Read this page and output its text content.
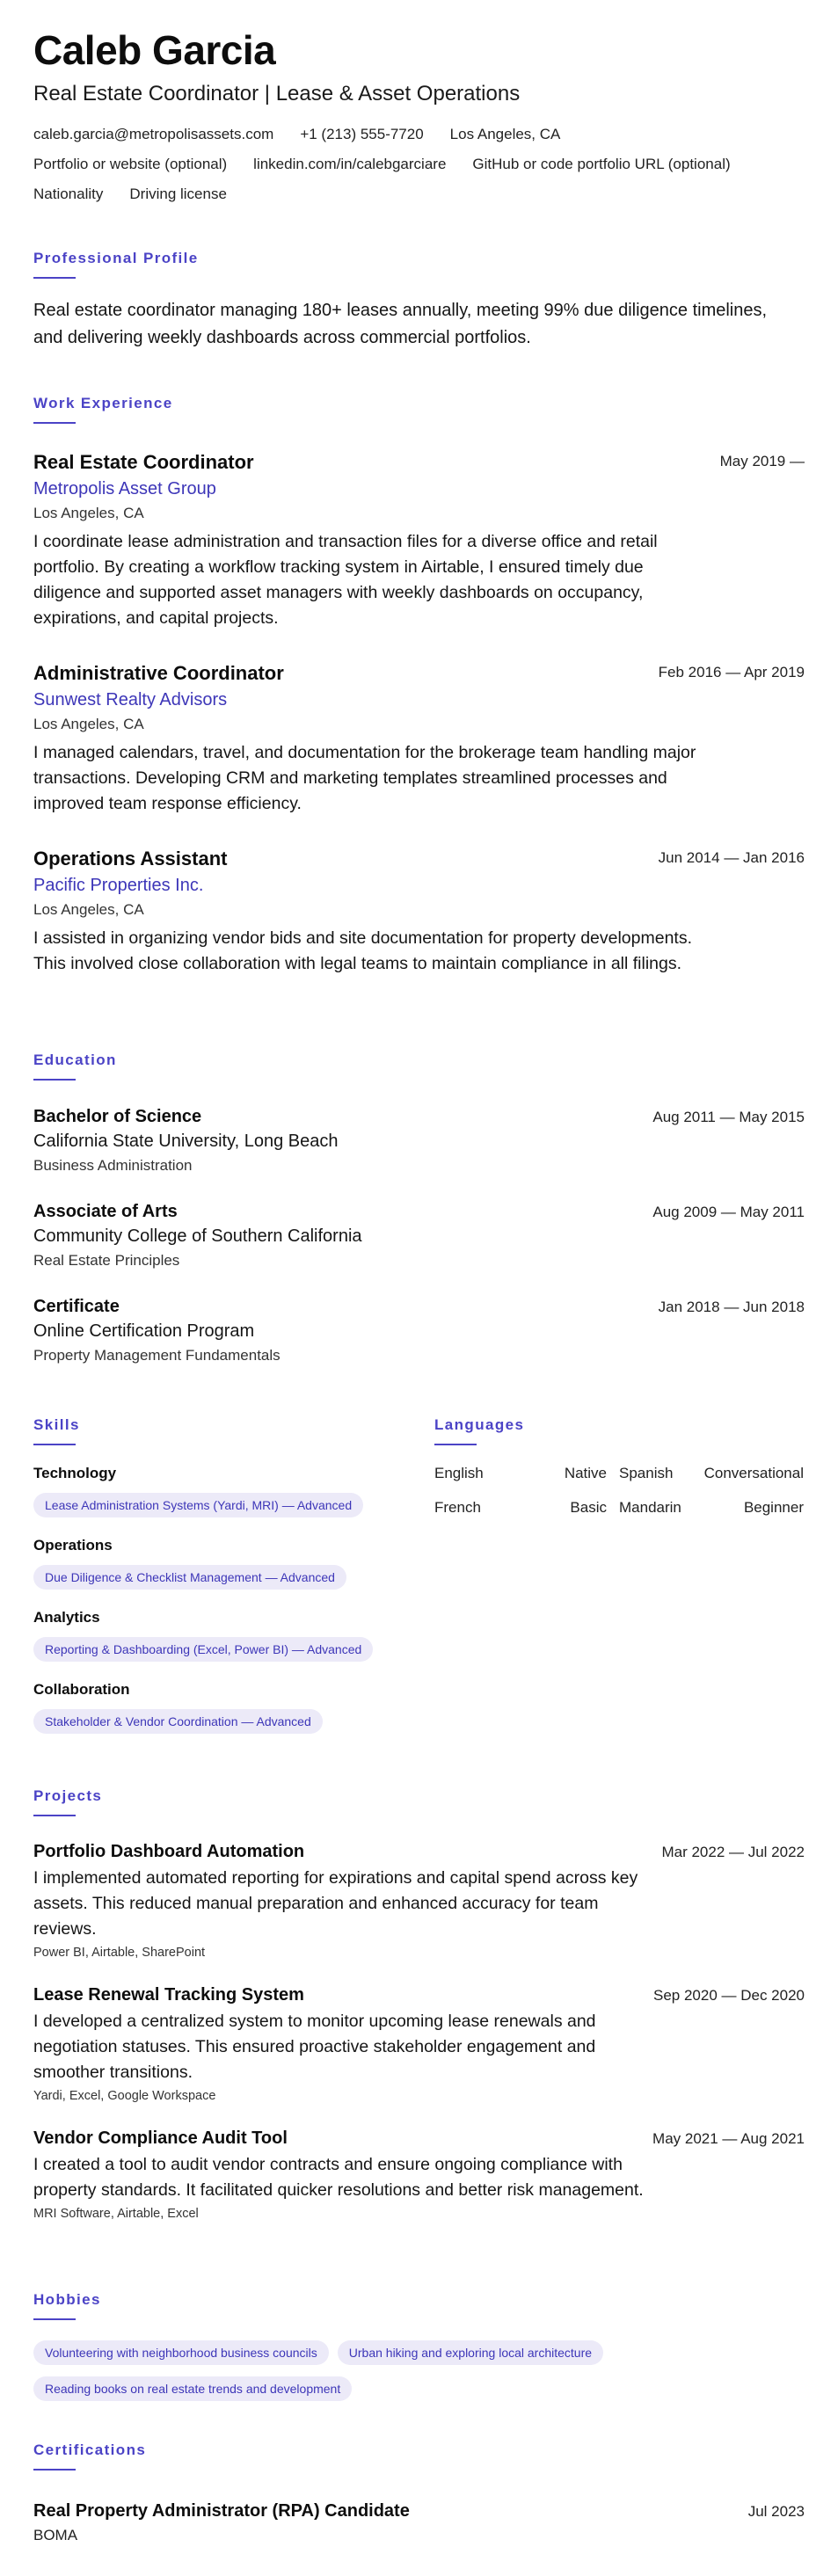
Caleb Garcia
Real Estate Coordinator | Lease & Asset Operations
caleb.garcia@metropolisassets.com +1 (213) 555-7720 Los Angeles, CA
Portfolio or website (optional) linkedin.com/in/calebgarciare GitHub or code portfolio URL (optional)
Nationality Driving license
Professional Profile
Real estate coordinator managing 180+ leases annually, meeting 99% due diligence timelines, and delivering weekly dashboards across commercial portfolios.
Work Experience
Real Estate Coordinator
Metropolis Asset Group
Los Angeles, CA
I coordinate lease administration and transaction files for a diverse office and retail portfolio. By creating a workflow tracking system in Airtable, I ensured timely due diligence and supported asset managers with weekly dashboards on occupancy, expirations, and capital projects.
May 2019 —
Administrative Coordinator
Sunwest Realty Advisors
Los Angeles, CA
I managed calendars, travel, and documentation for the brokerage team handling major transactions. Developing CRM and marketing templates streamlined processes and improved team response efficiency.
Feb 2016 — Apr 2019
Operations Assistant
Pacific Properties Inc.
Los Angeles, CA
I assisted in organizing vendor bids and site documentation for property developments. This involved close collaboration with legal teams to maintain compliance in all filings.
Jun 2014 — Jan 2016
Education
Bachelor of Science
California State University, Long Beach
Business Administration
Aug 2011 — May 2015
Associate of Arts
Community College of Southern California
Real Estate Principles
Aug 2009 — May 2011
Certificate
Online Certification Program
Property Management Fundamentals
Jan 2018 — Jun 2018
Skills
Technology
Lease Administration Systems (Yardi, MRI) — Advanced
Operations
Due Diligence & Checklist Management — Advanced
Analytics
Reporting & Dashboarding (Excel, Power BI) — Advanced
Collaboration
Stakeholder & Vendor Coordination — Advanced
Languages
English	Native Spanish Conversational
French	Basic Mandarin	Beginner
Projects
Portfolio Dashboard Automation
I implemented automated reporting for expirations and capital spend across key assets. This reduced manual preparation and enhanced accuracy for team reviews.
Power BI, Airtable, SharePoint
Mar 2022 — Jul 2022
Lease Renewal Tracking System
I developed a centralized system to monitor upcoming lease renewals and negotiation statuses. This ensured proactive stakeholder engagement and smoother transitions.
Yardi, Excel, Google Workspace
Sep 2020 — Dec 2020
Vendor Compliance Audit Tool
I created a tool to audit vendor contracts and ensure ongoing compliance with property standards. It facilitated quicker resolutions and better risk management.
MRI Software, Airtable, Excel
May 2021 — Aug 2021
Hobbies
Volunteering with neighborhood business councils	Urban hiking and exploring local architecture
Reading books on real estate trends and development
Certifications
Real Property Administrator (RPA) Candidate
BOMA
Jul 2023
